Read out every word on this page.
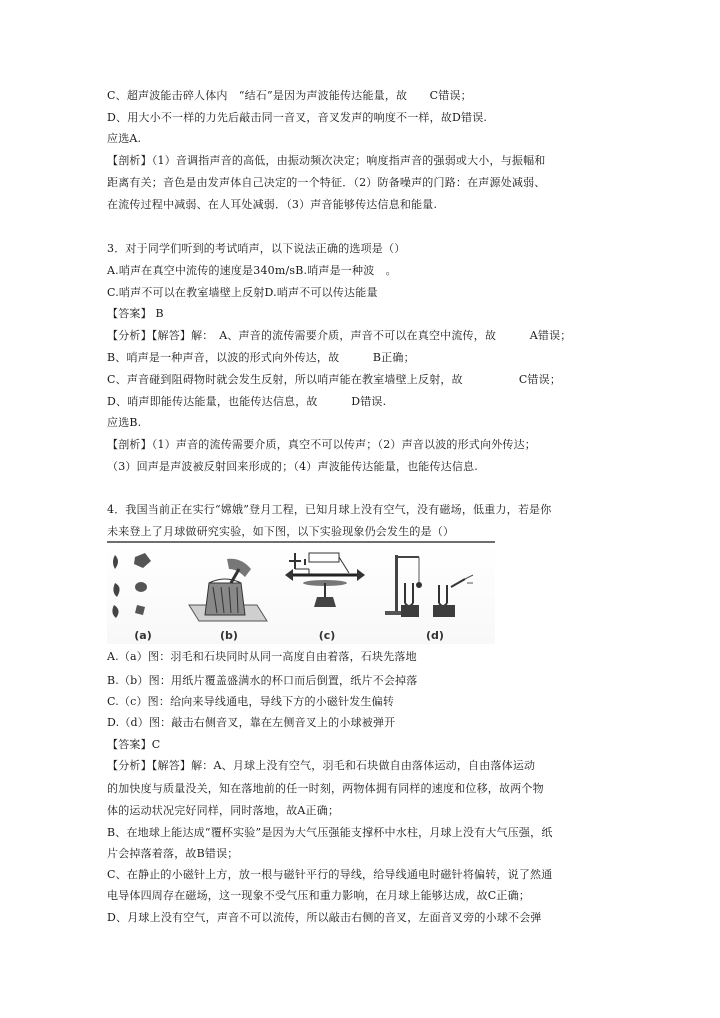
C、超声波能击碎人体内　“结石”是因为声波能传达能量，故　　C错误；

D、用大小不一样的力先后敲击同一音叉，音叉发声的响度不一样，故D错误.

应选A.

【剖析】（1）音调指声音的高低，由振动频次决定；响度指声音的强弱或大小，与振幅和

距离有关；音色是由发声体自己决定的一个特征．（2）防备噪声的门路：在声源处减弱、

在流传过程中减弱、在人耳处减弱．（3）声音能够传达信息和能量.

3．对于同学们听到的考试哨声，以下说法正确的选项是（）

A.哨声在真空中流传的速度是340m/sB.哨声是一种波　。

C.哨声不可以在教室墙壁上反射D.哨声不可以传达能量

【答案】 B

【分析】【解答】解：　A、声音的流传需要介质，声音不可以在真空中流传，故　　　A错误；

B、哨声是一种声音，以波的形式向外传达，故　　　B正确；

C、声音碰到阻碍物时就会发生反射，所以哨声能在教室墙壁上反射，故　　　　　C错误；

D、哨声即能传达能量，也能传达信息，故　　　D错误.

应选B.

【剖析】（1）声音的流传需要介质，真空不可以传声；（2）声音以波的形式向外传达；

（3）回声是声波被反射回来形成的；（4）声波能传达能量，也能传达信息.

4．我国当前正在实行“嫦娥”登月工程，已知月球上没有空气，没有磁场，低重力，若是你

未来登上了月球做研究实验，如下图，以下实验现象仍会发生的是（）

(a)	(b)	(c)	(d)

A.（a）图：羽毛和石块同时从同一高度自由着落，石块先落地

B.（b）图：用纸片覆盖盛满水的杯口而后倒置，纸片不会掉落

C.（c）图：给向来导线通电，导线下方的小磁针发生偏转

D.（d）图：敲击右侧音叉，靠在左侧音叉上的小球被弹开

【答案】C

【分析】【解答】解：A、月球上没有空气，羽毛和石块做自由落体运动，自由落体运动

的加快度与质量没关，知在落地前的任一时刻，两物体拥有同样的速度和位移，故两个物

体的运动状况完好同样，同时落地，故A正确；

B、在地球上能达成“覆杯实验”是因为大气压强能支撑杯中水柱，月球上没有大气压强，纸

片会掉落着落，故B错误；

C、在静止的小磁针上方，放一根与磁针平行的导线，给导线通电时磁针将偏转，说了然通

电导体四周存在磁场，这一现象不受气压和重力影响，在月球上能够达成，故C正确；

D、月球上没有空气，声音不可以流传，所以敲击右侧的音叉，左面音叉旁的小球不会弹
